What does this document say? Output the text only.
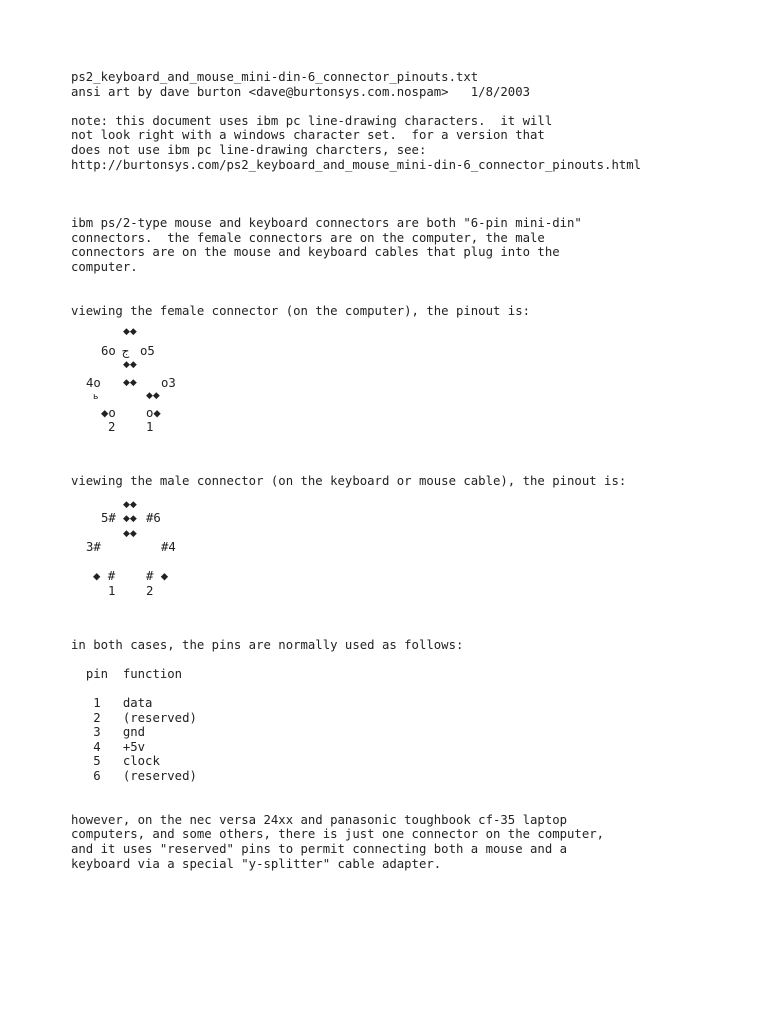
ps2_keyboard_and_mouse_mini-din-6_connector_pinouts.txt
ansi art by dave burton <dave@burtonsys.com.nospam>   1/8/2003
note: this document uses ibm pc line-drawing characters.  it will
not look right with a windows character set.  for a version that
does not use ibm pc line-drawing charcters, see:
http://burtonsys.com/ps2_keyboard_and_mouse_mini-din-6_connector_pinouts.html
ibm ps/2-type mouse and keyboard connectors are both "6-pin mini-din"
connectors.  the female connectors are on the computer, the male
connectors are on the mouse and keyboard cables that plug into the
computer.
viewing the female connector (on the computer), the pinout is:
◆◆
6o ج o5
◆◆
4o ◆◆ o3
ь	◆◆
◆o o◆
2 1
viewing the male connector (on the keyboard or mouse cable), the pinout is:
◆◆
5# ◆◆ #6
◆◆
3#	#4
◆ #	# ◆
1 2
in both cases, the pins are normally used as follows:
pin function
1 data
2 (reserved)
3 gnd
4 +5v
5 clock
6 (reserved)
however, on the nec versa 24xx and panasonic toughbook cf-35 laptop
computers, and some others, there is just one connector on the computer,
and it uses "reserved" pins to permit connecting both a mouse and a
keyboard via a special "y-splitter" cable adapter.
